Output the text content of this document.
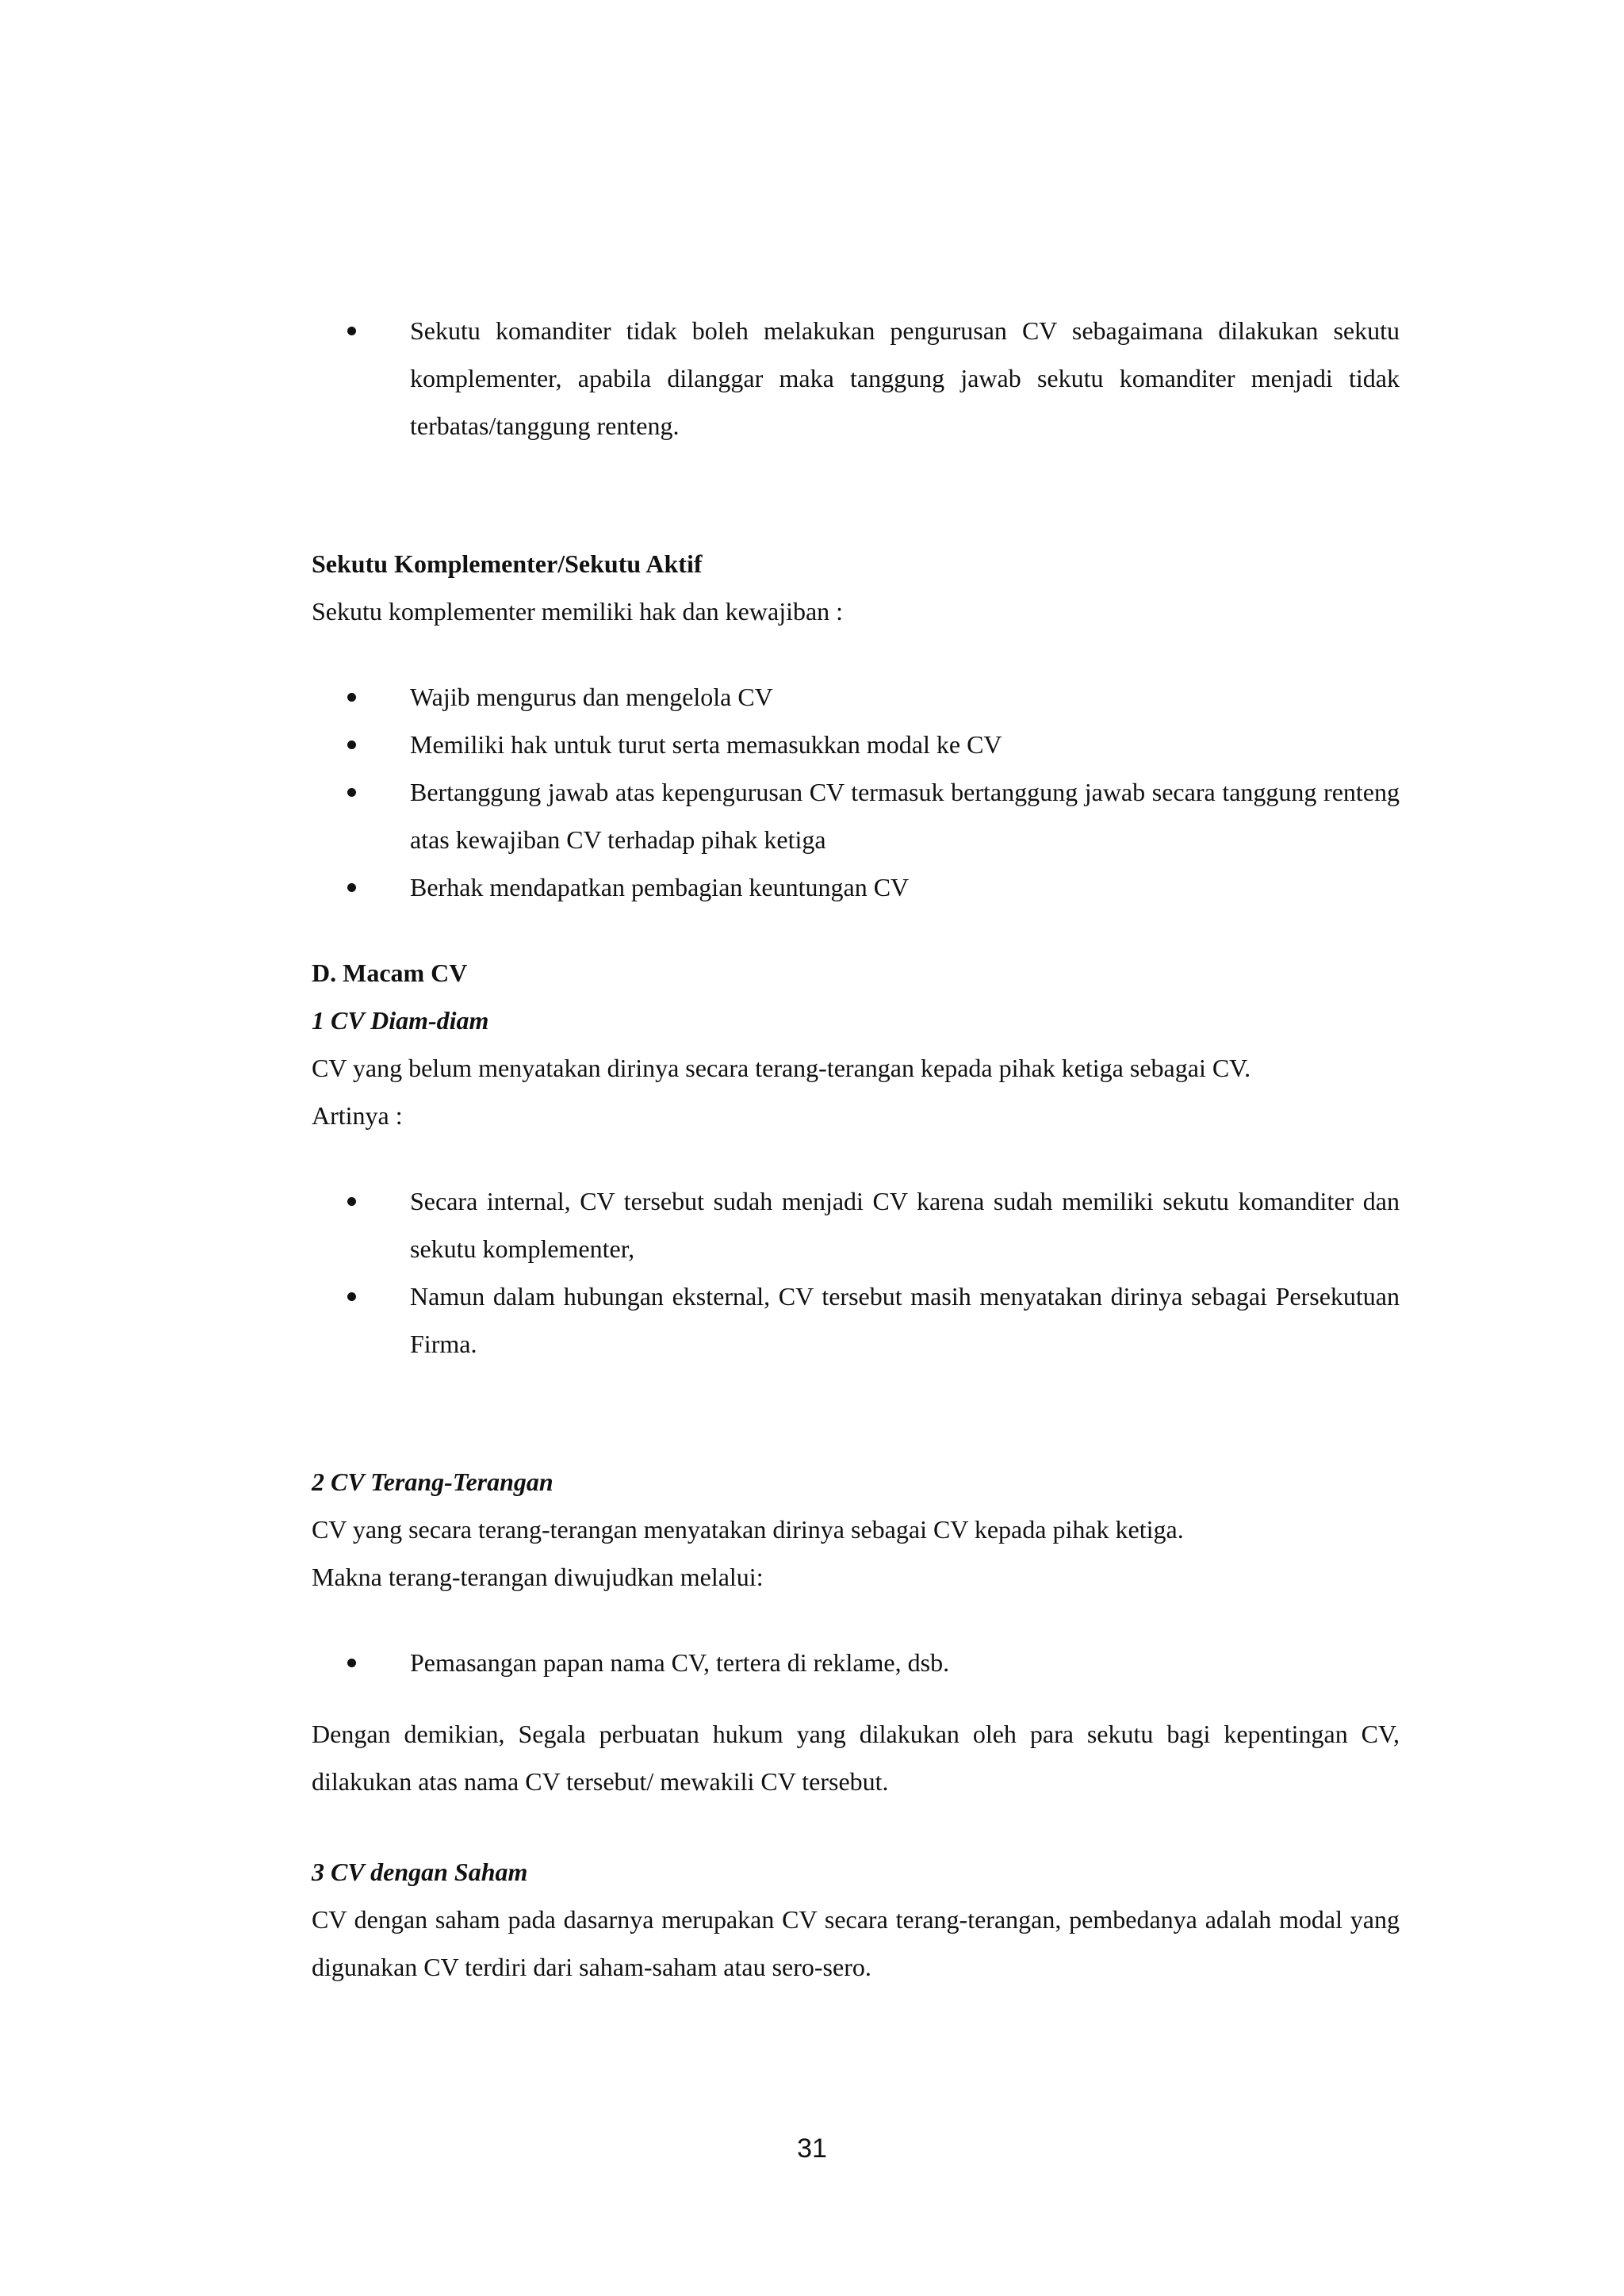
Sekutu komanditer tidak boleh melakukan pengurusan CV sebagaimana dilakukan sekutu komplementer, apabila dilanggar maka tanggung jawab sekutu komanditer menjadi tidak terbatas/tanggung renteng.

Sekutu Komplementer/Sekutu Aktif

Sekutu komplementer memiliki hak dan kewajiban :

Wajib mengurus dan mengelola CV
Memiliki hak untuk turut serta memasukkan modal ke CV
Bertanggung jawab atas kepengurusan CV termasuk bertanggung jawab secara tanggung renteng atas kewajiban CV terhadap pihak ketiga
Berhak mendapatkan pembagian keuntungan CV

D. Macam CV

1 CV Diam-diam

CV yang belum menyatakan dirinya secara terang-terangan kepada pihak ketiga sebagai CV.

Artinya :

Secara internal, CV tersebut sudah menjadi CV karena sudah memiliki sekutu komanditer dan sekutu komplementer,
Namun dalam hubungan eksternal, CV tersebut masih menyatakan dirinya sebagai Persekutuan Firma.

2 CV Terang-Terangan

CV yang secara terang-terangan menyatakan dirinya sebagai CV kepada pihak ketiga.

Makna terang-terangan diwujudkan melalui:

Pemasangan papan nama CV, tertera di reklame, dsb.

Dengan demikian, Segala perbuatan hukum yang dilakukan oleh para sekutu bagi kepentingan CV, dilakukan atas nama CV tersebut/ mewakili CV tersebut.

3 CV dengan Saham

CV dengan saham pada dasarnya merupakan CV secara terang-terangan, pembedanya adalah modal yang digunakan CV terdiri dari saham-saham atau sero-sero.

31
